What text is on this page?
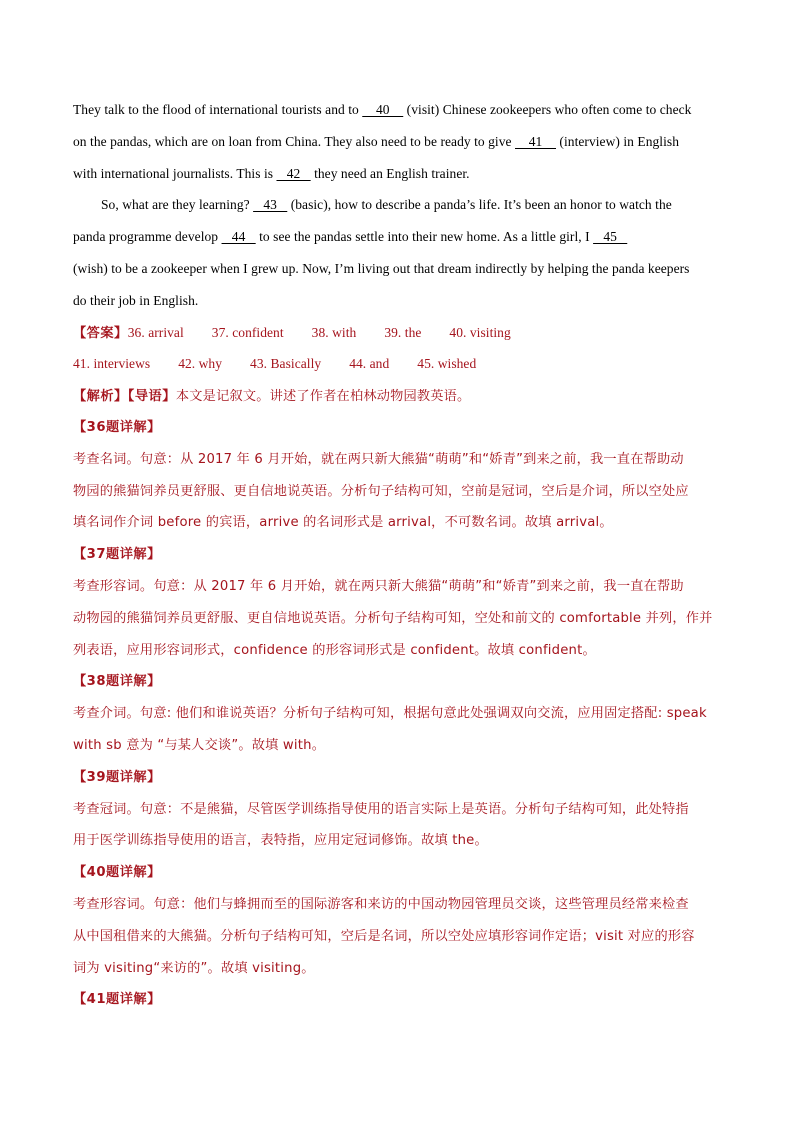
They talk to the flood of international tourists and to     40     (visit) Chinese zookeepers who often come to check
on the pandas, which are on loan from China. They also need to be ready to give     41     (interview) in English
with international journalists. This is    42    they need an English trainer.
So, what are they learning?    43    (basic), how to describe a panda’s life. It’s been an honor to watch the
panda programme develop    44    to see the pandas settle into their new home. As a little girl, I    45
(wish) to be a zookeeper when I grew up. Now, I’m living out that dream indirectly by helping the panda keepers
do their job in English.
【答案】36. arrival 37. confident 38. with 39. the 40. visiting
41. interviews 42. why 43. Basically 44. and 45. wished
【解析】【导语】本文是记叙文。讲述了作者在柏林动物园教英语。
【36题详解】
考查名词。句意：从 2017 年 6 月开始，就在两只新大熊猫“萌萌”和“娇青”到来之前，我一直在帮助动
物园的熊猫饲养员更舒服、更自信地说英语。分析句子结构可知，空前是冠词，空后是介词，所以空处应
填名词作介词 before 的宾语，arrive 的名词形式是 arrival，不可数名词。故填 arrival。
【37题详解】
考查形容词。句意：从 2017 年 6 月开始，就在两只新大熊猫“萌萌”和“娇青”到来之前，我一直在帮助
动物园的熊猫饲养员更舒服、更自信地说英语。分析句子结构可知，空处和前文的 comfortable 并列，作并
列表语，应用形容词形式，confidence 的形容词形式是 confident。故填 confident。
【38题详解】
考查介词。句意: 他们和谁说英语？分析句子结构可知，根据句意此处强调双向交流，应用固定搭配: speak
with sb 意为 “与某人交谈”。故填 with。
【39题详解】
考查冠词。句意：不是熊猫，尽管医学训练指导使用的语言实际上是英语。分析句子结构可知，此处特指
用于医学训练指导使用的语言，表特指，应用定冠词修饰。故填 the。
【40题详解】
考查形容词。句意：他们与蜂拥而至的国际游客和来访的中国动物园管理员交谈，这些管理员经常来检查
从中国租借来的大熊猫。分析句子结构可知，空后是名词，所以空处应填形容词作定语；visit 对应的形容
词为 visiting“来访的”。故填 visiting。
【41题详解】
